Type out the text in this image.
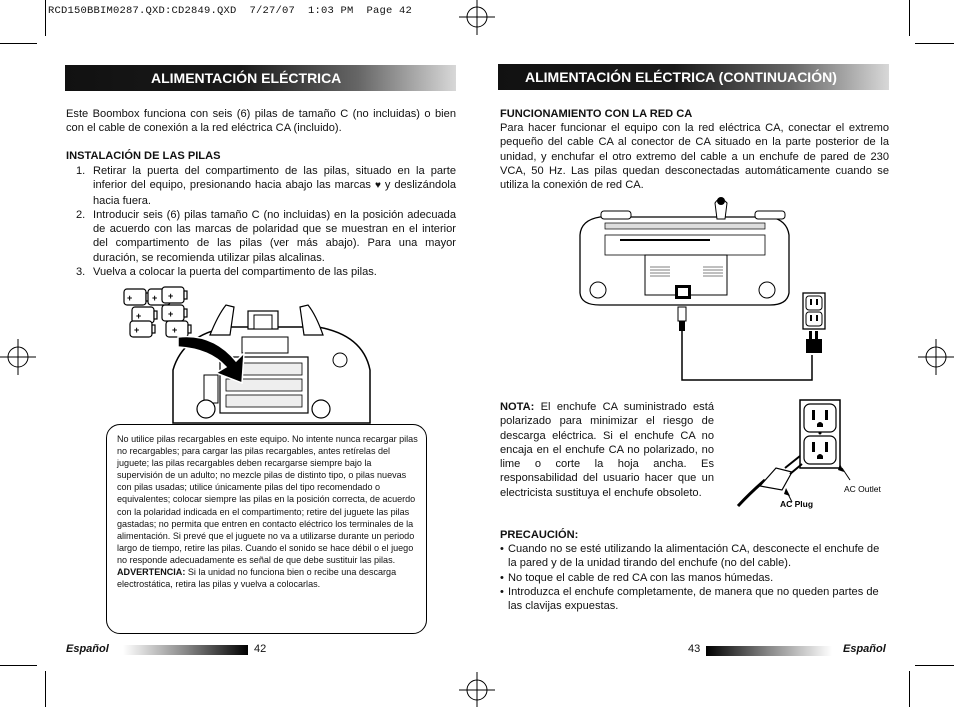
RCD150BBIM0287.QXD:CD2849.QXD  7/27/07  1:03 PM  Page 42
ALIMENTACIÓN ELÉCTRICA
Este Boombox funciona con seis (6) pilas de tamaño C (no incluidas) o bien con el cable de conexión a la red eléctrica CA (incluido).
INSTALACIÓN DE LAS PILAS
1. Retirar la puerta del compartimento de las pilas, situado en la parte inferior del equipo, presionando hacia abajo las marcas ♥ y deslizándola hacia fuera.
2. Introducir seis (6) pilas tamaño C (no incluidas) en la posición adecuada de acuerdo con las marcas de polaridad que se muestran en el interior del compartimento de las pilas (ver más abajo). Para una mayor duración, se recomienda utilizar pilas alcalinas.
3. Vuelva a colocar la puerta del compartimento de las pilas.
+ + +
+	+
+	+
No utilice pilas recargables en este equipo. No intente nunca recargar pilas no recargables; para cargar las pilas recargables, antes retírelas del juguete; las pilas recargables deben recargarse siempre bajo la supervisión de un adulto; no mezcle pilas de distinto tipo, o pilas nuevas con pilas usadas; utilice únicamente pilas del tipo recomendado o equivalentes; colocar siempre las pilas en la posición correcta, de acuerdo con la polaridad indicada en el compartimento; retire del juguete las pilas gastadas; no permita que entren en contacto eléctrico los terminales de la alimentación. Si prevé que el juguete no va a utilizarse durante un periodo largo de tiempo, retire las pilas. Cuando el sonido se hace débil o el juego no responde adecuadamente es señal de que debe sustituir las pilas. ADVERTENCIA: Si la unidad no funciona bien o recibe una descarga electrostática, retira las pilas y vuelva a colocarlas.
Español	42
ALIMENTACIÓN ELÉCTRICA (CONTINUACIÓN)
FUNCIONAMIENTO CON LA RED CA
Para hacer funcionar el equipo con la red eléctrica CA, conectar el extremo pequeño del cable CA al conector de CA situado en la parte posterior de la unidad, y enchufar el otro extremo del cable a un enchufe de pared de 230 VCA, 50 Hz. Las pilas quedan desconectadas automáticamente cuando se utiliza la conexión de red CA.
NOTA: El enchufe CA suministrado está polarizado para minimizar el riesgo de descarga eléctrica. Si el enchufe CA no encaja en el enchufe CA no polarizado, no lime o corte la hoja ancha. Es responsabilidad del usuario hacer que un electricista sustituya el enchufe obsoleto.	AC Outlet
AC Plug
PRECAUCIÓN:
• Cuando no se esté utilizando la alimentación CA, desconecte el enchufe de la pared y de la unidad tirando del enchufe (no del cable).
• No toque el cable de red CA con las manos húmedas.
• Introduzca el enchufe completamente, de manera que no queden partes de las clavijas expuestas.
43	Español
